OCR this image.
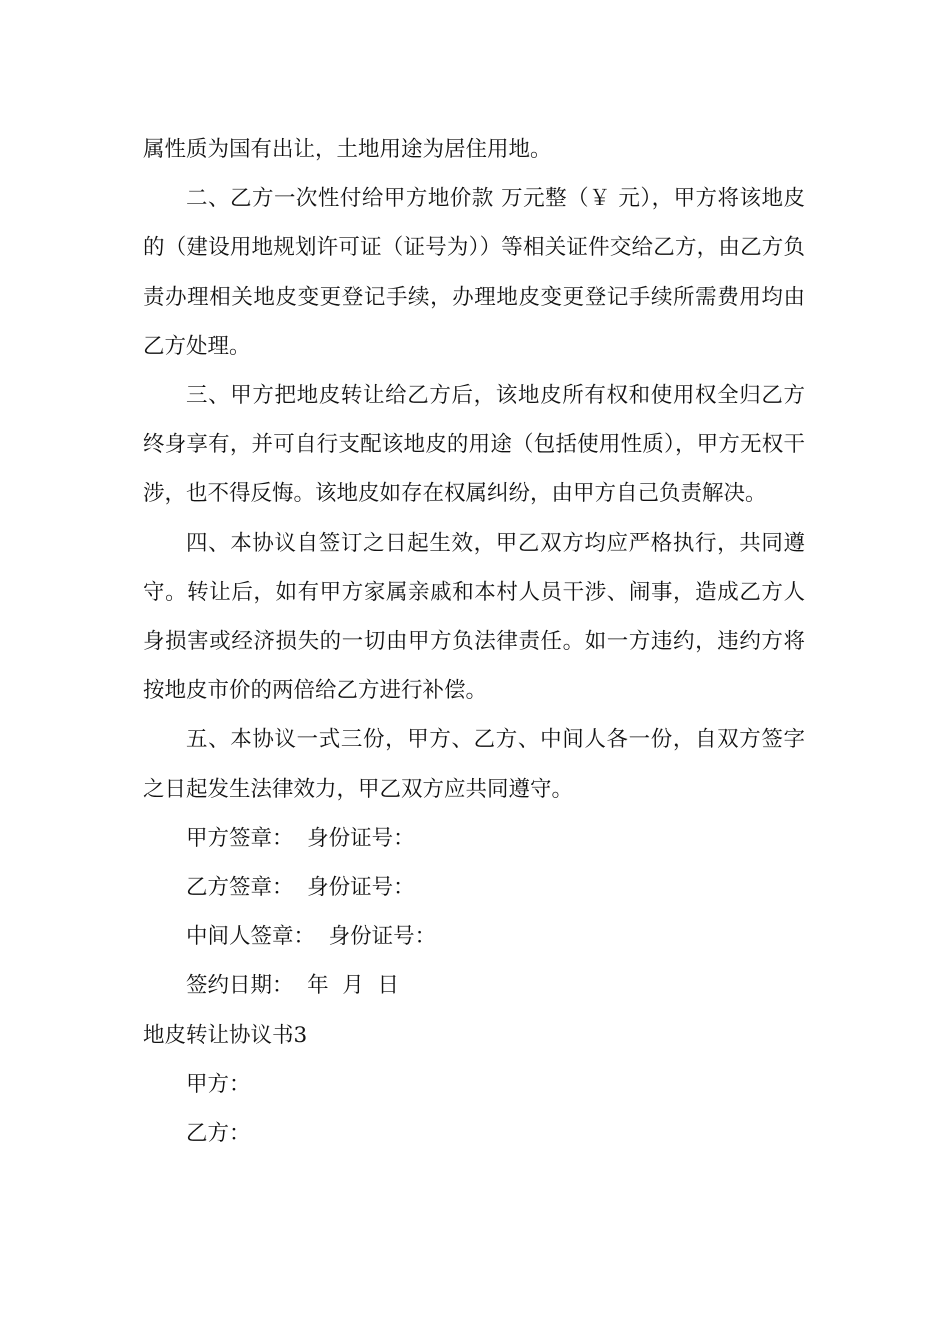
属性质为国有出让，土地用途为居住用地。

二、乙方一次性付给甲方地价款 万元整（￥ 元），甲方将该地皮的（建设用地规划许可证（证号为））等相关证件交给乙方，由乙方负责办理相关地皮变更登记手续，办理地皮变更登记手续所需费用均由乙方处理。

三、甲方把地皮转让给乙方后，该地皮所有权和使用权全归乙方终身享有，并可自行支配该地皮的用途（包括使用性质），甲方无权干涉，也不得反悔。该地皮如存在权属纠纷，由甲方自己负责解决。

四、本协议自签订之日起生效，甲乙双方均应严格执行，共同遵守。转让后，如有甲方家属亲戚和本村人员干涉、闹事，造成乙方人身损害或经济损失的一切由甲方负法律责任。如一方违约，违约方将按地皮市价的两倍给乙方进行补偿。

五、本协议一式三份，甲方、乙方、中间人各一份，自双方签字之日起发生法律效力，甲乙双方应共同遵守。

甲方签章：  身份证号：

乙方签章：  身份证号：

中间人签章：  身份证号：

签约日期：  年  月  日

地皮转让协议书3

甲方：

乙方：
